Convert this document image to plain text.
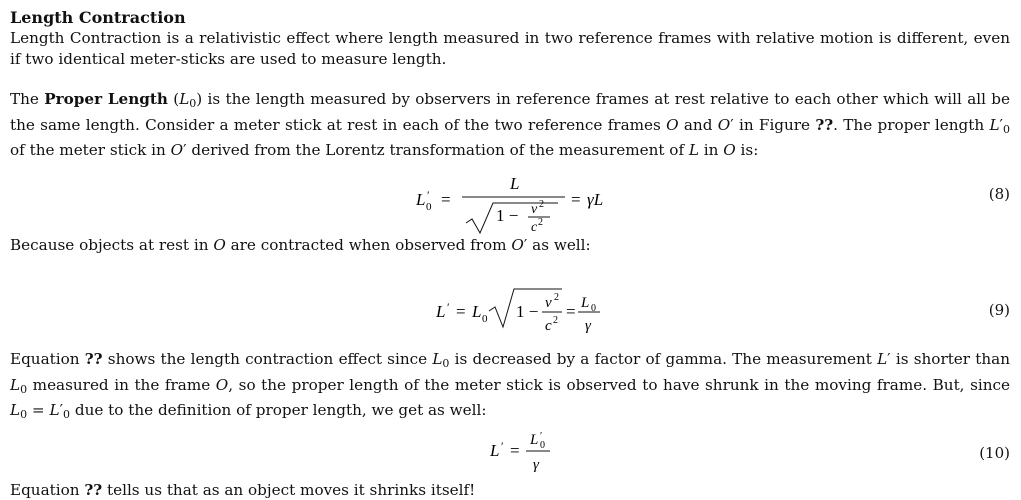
Length Contraction
Length Contraction is a relativistic effect where length measured in two reference frames with relative motion is different, even if two identical meter-sticks are used to measure length.
The Proper Length $(L_0)$ is the length measured by observers in reference frames at rest relative to each other which will all be the same length. Consider a meter stick at rest in each of the two reference frames O and O′ in Figure ??. The proper length $L'_0$ of the meter stick in O′ derived from the Lorentz transformation of the measurement of L in O is:
L ′
0 =
L
1 − v 2
c 2
= γL	(8)
Because objects at rest in O are contracted when observed from O′ as well:
L ′ = L 0 1 − v 2
c 2 = L 0
γ
(9)
Equation ?? shows the length contraction effect since $L_0$ is decreased by a factor of gamma. The measurement L′ is shorter than $L_0$ measured in the frame O, so the proper length of the meter stick is observed to have shrunk in the moving frame. But, since $L_0 = L'_0$ due to the definition of proper length, we get as well:
L ′ =
L ′
0
γ
(10)
Equation ?? tells us that as an object moves it shrinks itself!
